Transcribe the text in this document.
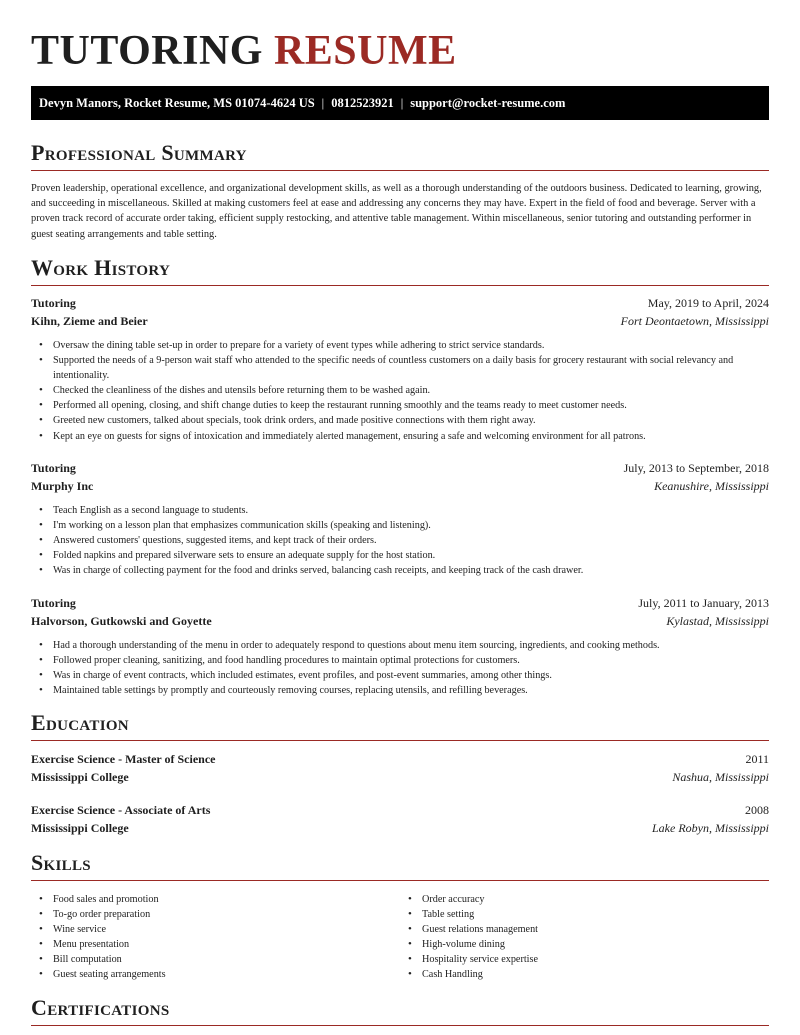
TUTORING RESUME
Devyn Manors, Rocket Resume, MS 01074-4624 US | 0812523921 | support@rocket-resume.com
Professional Summary

Proven leadership, operational excellence, and organizational development skills, as well as a thorough understanding of the outdoors business. Dedicated to learning, growing, and succeeding in miscellaneous. Skilled at making customers feel at ease and addressing any concerns they may have. Expert in the field of food and beverage. Server with a proven track record of accurate order taking, efficient supply restocking, and attentive table management. Within miscellaneous, senior tutoring and outstanding performer in guest seating arrangements and table setting.

Work History
Tutoring	May, 2019 to April, 2024
Kihn, Zieme and Beier	Fort Deontaetown, Mississippi
• Oversaw the dining table set-up in order to prepare for a variety of event types while adhering to strict service standards.
• Supported the needs of a 9-person wait staff who attended to the specific needs of countless customers on a daily basis for grocery restaurant with social relevancy and intentionality.
• Checked the cleanliness of the dishes and utensils before returning them to be washed again.
• Performed all opening, closing, and shift change duties to keep the restaurant running smoothly and the teams ready to meet customer needs.
• Greeted new customers, talked about specials, took drink orders, and made positive connections with them right away.
• Kept an eye on guests for signs of intoxication and immediately alerted management, ensuring a safe and welcoming environment for all patrons.
Tutoring	July, 2013 to September, 2018
Murphy Inc	Keanushire, Mississippi
• Teach English as a second language to students.
• I'm working on a lesson plan that emphasizes communication skills (speaking and listening).
• Answered customers' questions, suggested items, and kept track of their orders.
• Folded napkins and prepared silverware sets to ensure an adequate supply for the host station.
• Was in charge of collecting payment for the food and drinks served, balancing cash receipts, and keeping track of the cash drawer.
Tutoring	July, 2011 to January, 2013
Halvorson, Gutkowski and Goyette	Kylastad, Mississippi
• Had a thorough understanding of the menu in order to adequately respond to questions about menu item sourcing, ingredients, and cooking methods.
• Followed proper cleaning, sanitizing, and food handling procedures to maintain optimal protections for customers.
• Was in charge of event contracts, which included estimates, event profiles, and post-event summaries, among other things.
• Maintained table settings by promptly and courteously removing courses, replacing utensils, and refilling beverages.
Education
Exercise Science - Master of Science	2011
Mississippi College	Nashua, Mississippi
Exercise Science - Associate of Arts	2008
Mississippi College	Lake Robyn, Mississippi
Skills
• Food sales and promotion
• To-go order preparation
• Wine service
• Menu presentation
• Bill computation
• Guest seating arrangements
• Order accuracy
• Table setting
• Guest relations management
• High-volume dining
• Hospitality service expertise
• Cash Handling
Certifications
